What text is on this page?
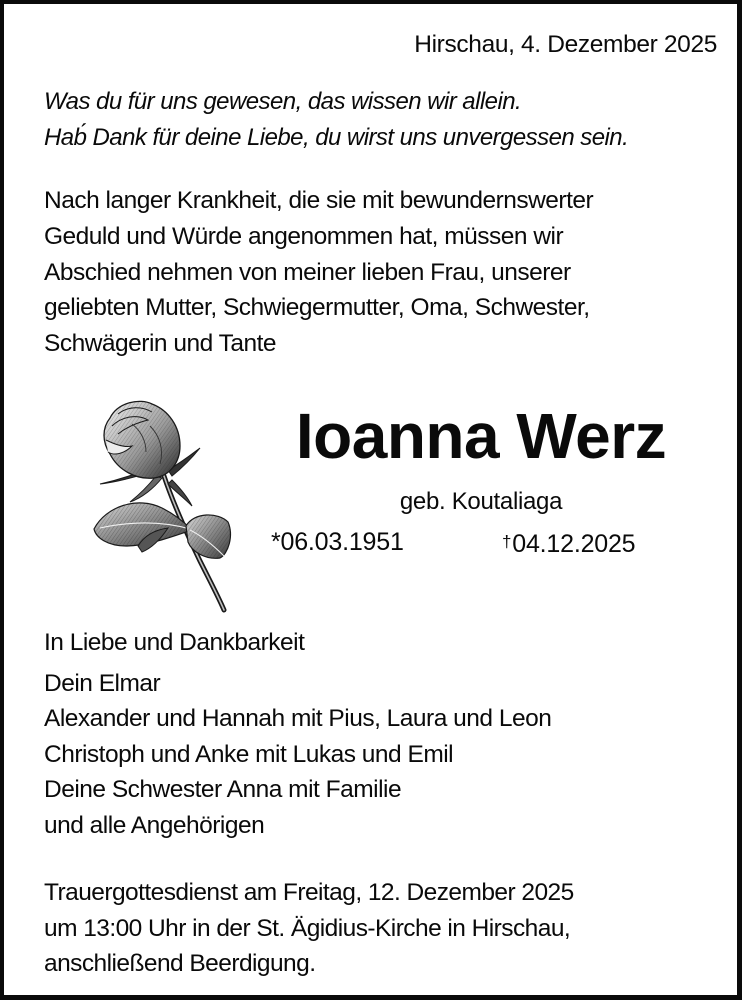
Hirschau, 4. Dezember 2025
Was du für uns gewesen, das wissen wir allein.
Hab́ Dank für deine Liebe, du wirst uns unvergessen sein.
Nach langer Krankheit, die sie mit bewundernswerter
Geduld und Würde angenommen hat, müssen wir
Abschied nehmen von meiner lieben Frau, unserer
geliebten Mutter, Schwiegermutter, Oma, Schwester,
Schwägerin und Tante
Ioanna Werz
geb. Koutaliaga
*06.03.1951	†04.12.2025
In Liebe und Dankbarkeit
Dein Elmar
Alexander und Hannah mit Pius, Laura und Leon
Christoph und Anke mit Lukas und Emil
Deine Schwester Anna mit Familie
und alle Angehörigen
Trauergottesdienst am Freitag, 12. Dezember 2025
um 13:00 Uhr in der St. Ägidius-Kirche in Hirschau,
anschließend Beerdigung.
